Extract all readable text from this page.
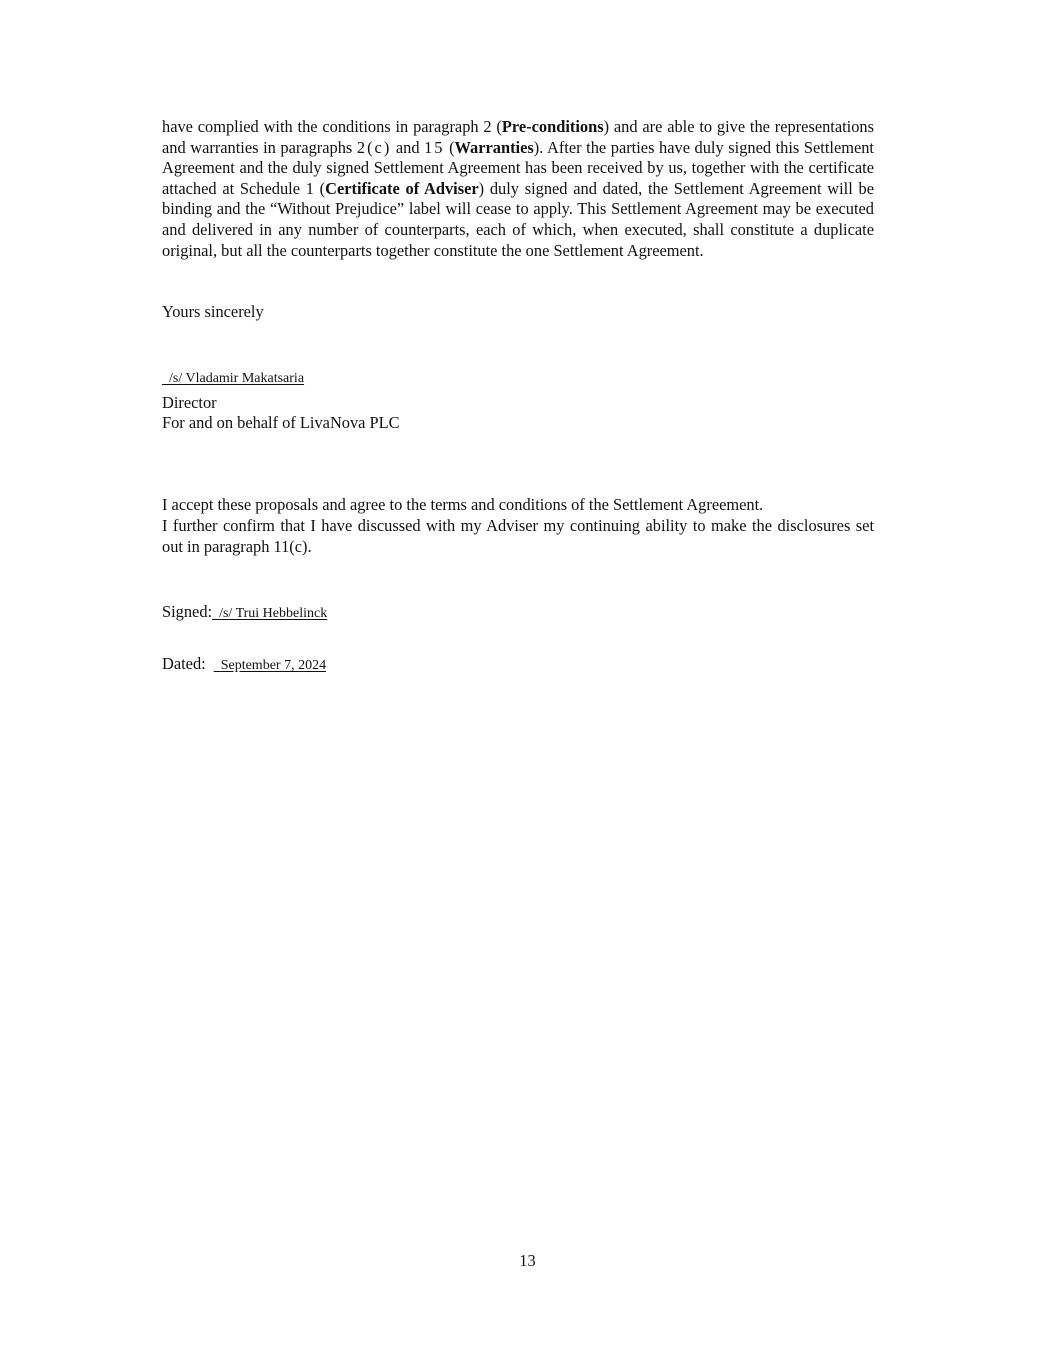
have complied with the conditions in paragraph 2 (Pre-conditions) and are able to give the representations and warranties in paragraphs 2(c) and 15 (Warranties). After the parties have duly signed this Settlement Agreement and the duly signed Settlement Agreement has been received by us, together with the certificate attached at Schedule 1 (Certificate of Adviser) duly signed and dated, the Settlement Agreement will be binding and the “Without Prejudice” label will cease to apply. This Settlement Agreement may be executed and delivered in any number of counterparts, each of which, when executed, shall constitute a duplicate original, but all the counterparts together constitute the one Settlement Agreement.

Yours sincerely

/s/ Vladamir Makatsaria

Director

For and on behalf of LivaNova PLC

I accept these proposals and agree to the terms and conditions of the Settlement Agreement.

I further confirm that I have discussed with my Adviser my continuing ability to make the disclosures set out in paragraph 11(c).

Signed: /s/ Trui Hebbelinck

Dated: September 7, 2024

13
